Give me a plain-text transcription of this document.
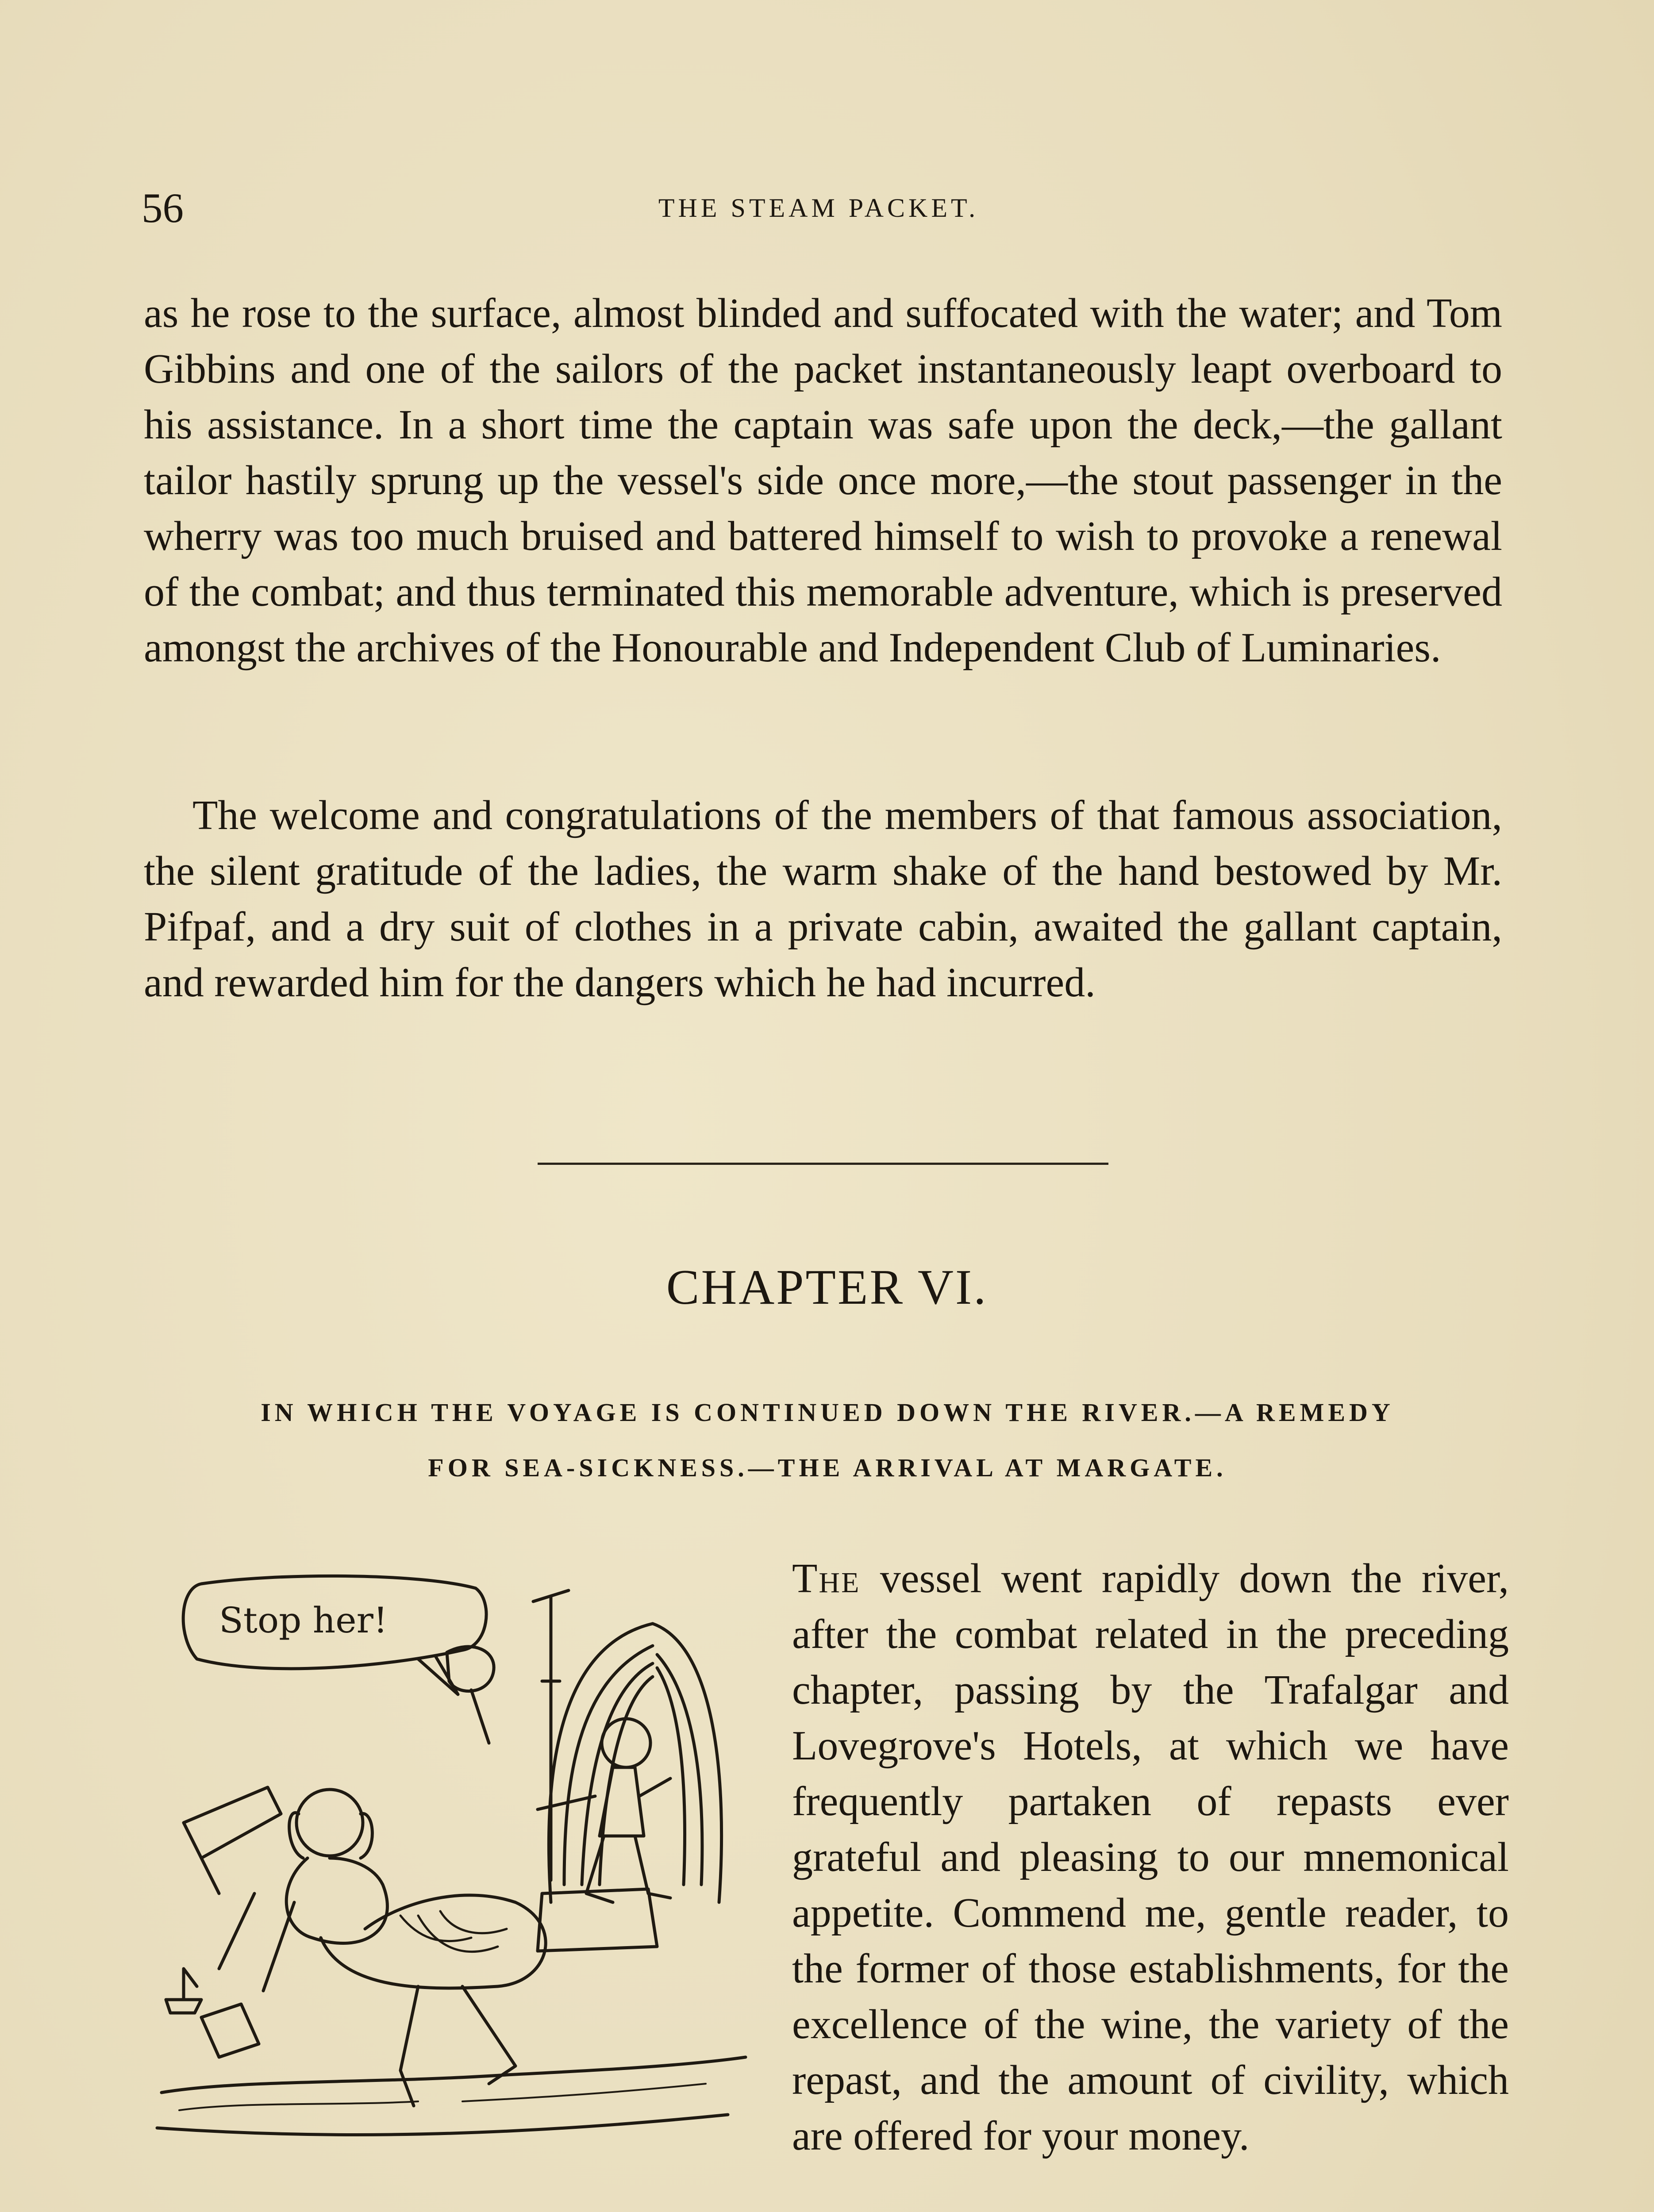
56	THE STEAM PACKET.

as he rose to the surface, almost blinded and suffocated with the water; and Tom Gibbins and one of the sailors of the packet instantaneously leapt overboard to his assistance. In a short time the captain was safe upon the deck,—the gallant tailor hastily sprung up the vessel's side once more,—the stout passenger in the wherry was too much bruised and battered himself to wish to provoke a renewal of the combat; and thus terminated this memorable adventure, which is preserved amongst the archives of the Honourable and Independent Club of Luminaries.

The welcome and congratulations of the members of that famous association, the silent gratitude of the ladies, the warm shake of the hand bestowed by Mr. Pifpaf, and a dry suit of clothes in a private cabin, awaited the gallant captain, and rewarded him for the dangers which he had incurred.

CHAPTER VI.
IN WHICH THE VOYAGE IS CONTINUED DOWN THE RIVER.—A REMEDY
FOR SEA-SICKNESS.—THE ARRIVAL AT MARGATE.
Stop her!

The vessel went rapidly down the river, after the combat related in the preceding chapter, passing by the Trafalgar and Lovegrove's Hotels, at which we have frequently partaken of repasts ever grateful and pleasing to our mnemonical appetite. Commend me, gentle reader, to the former of those establishments, for the excellence of the wine, the variety of the repast, and the amount of civility, which are offered for your money.
